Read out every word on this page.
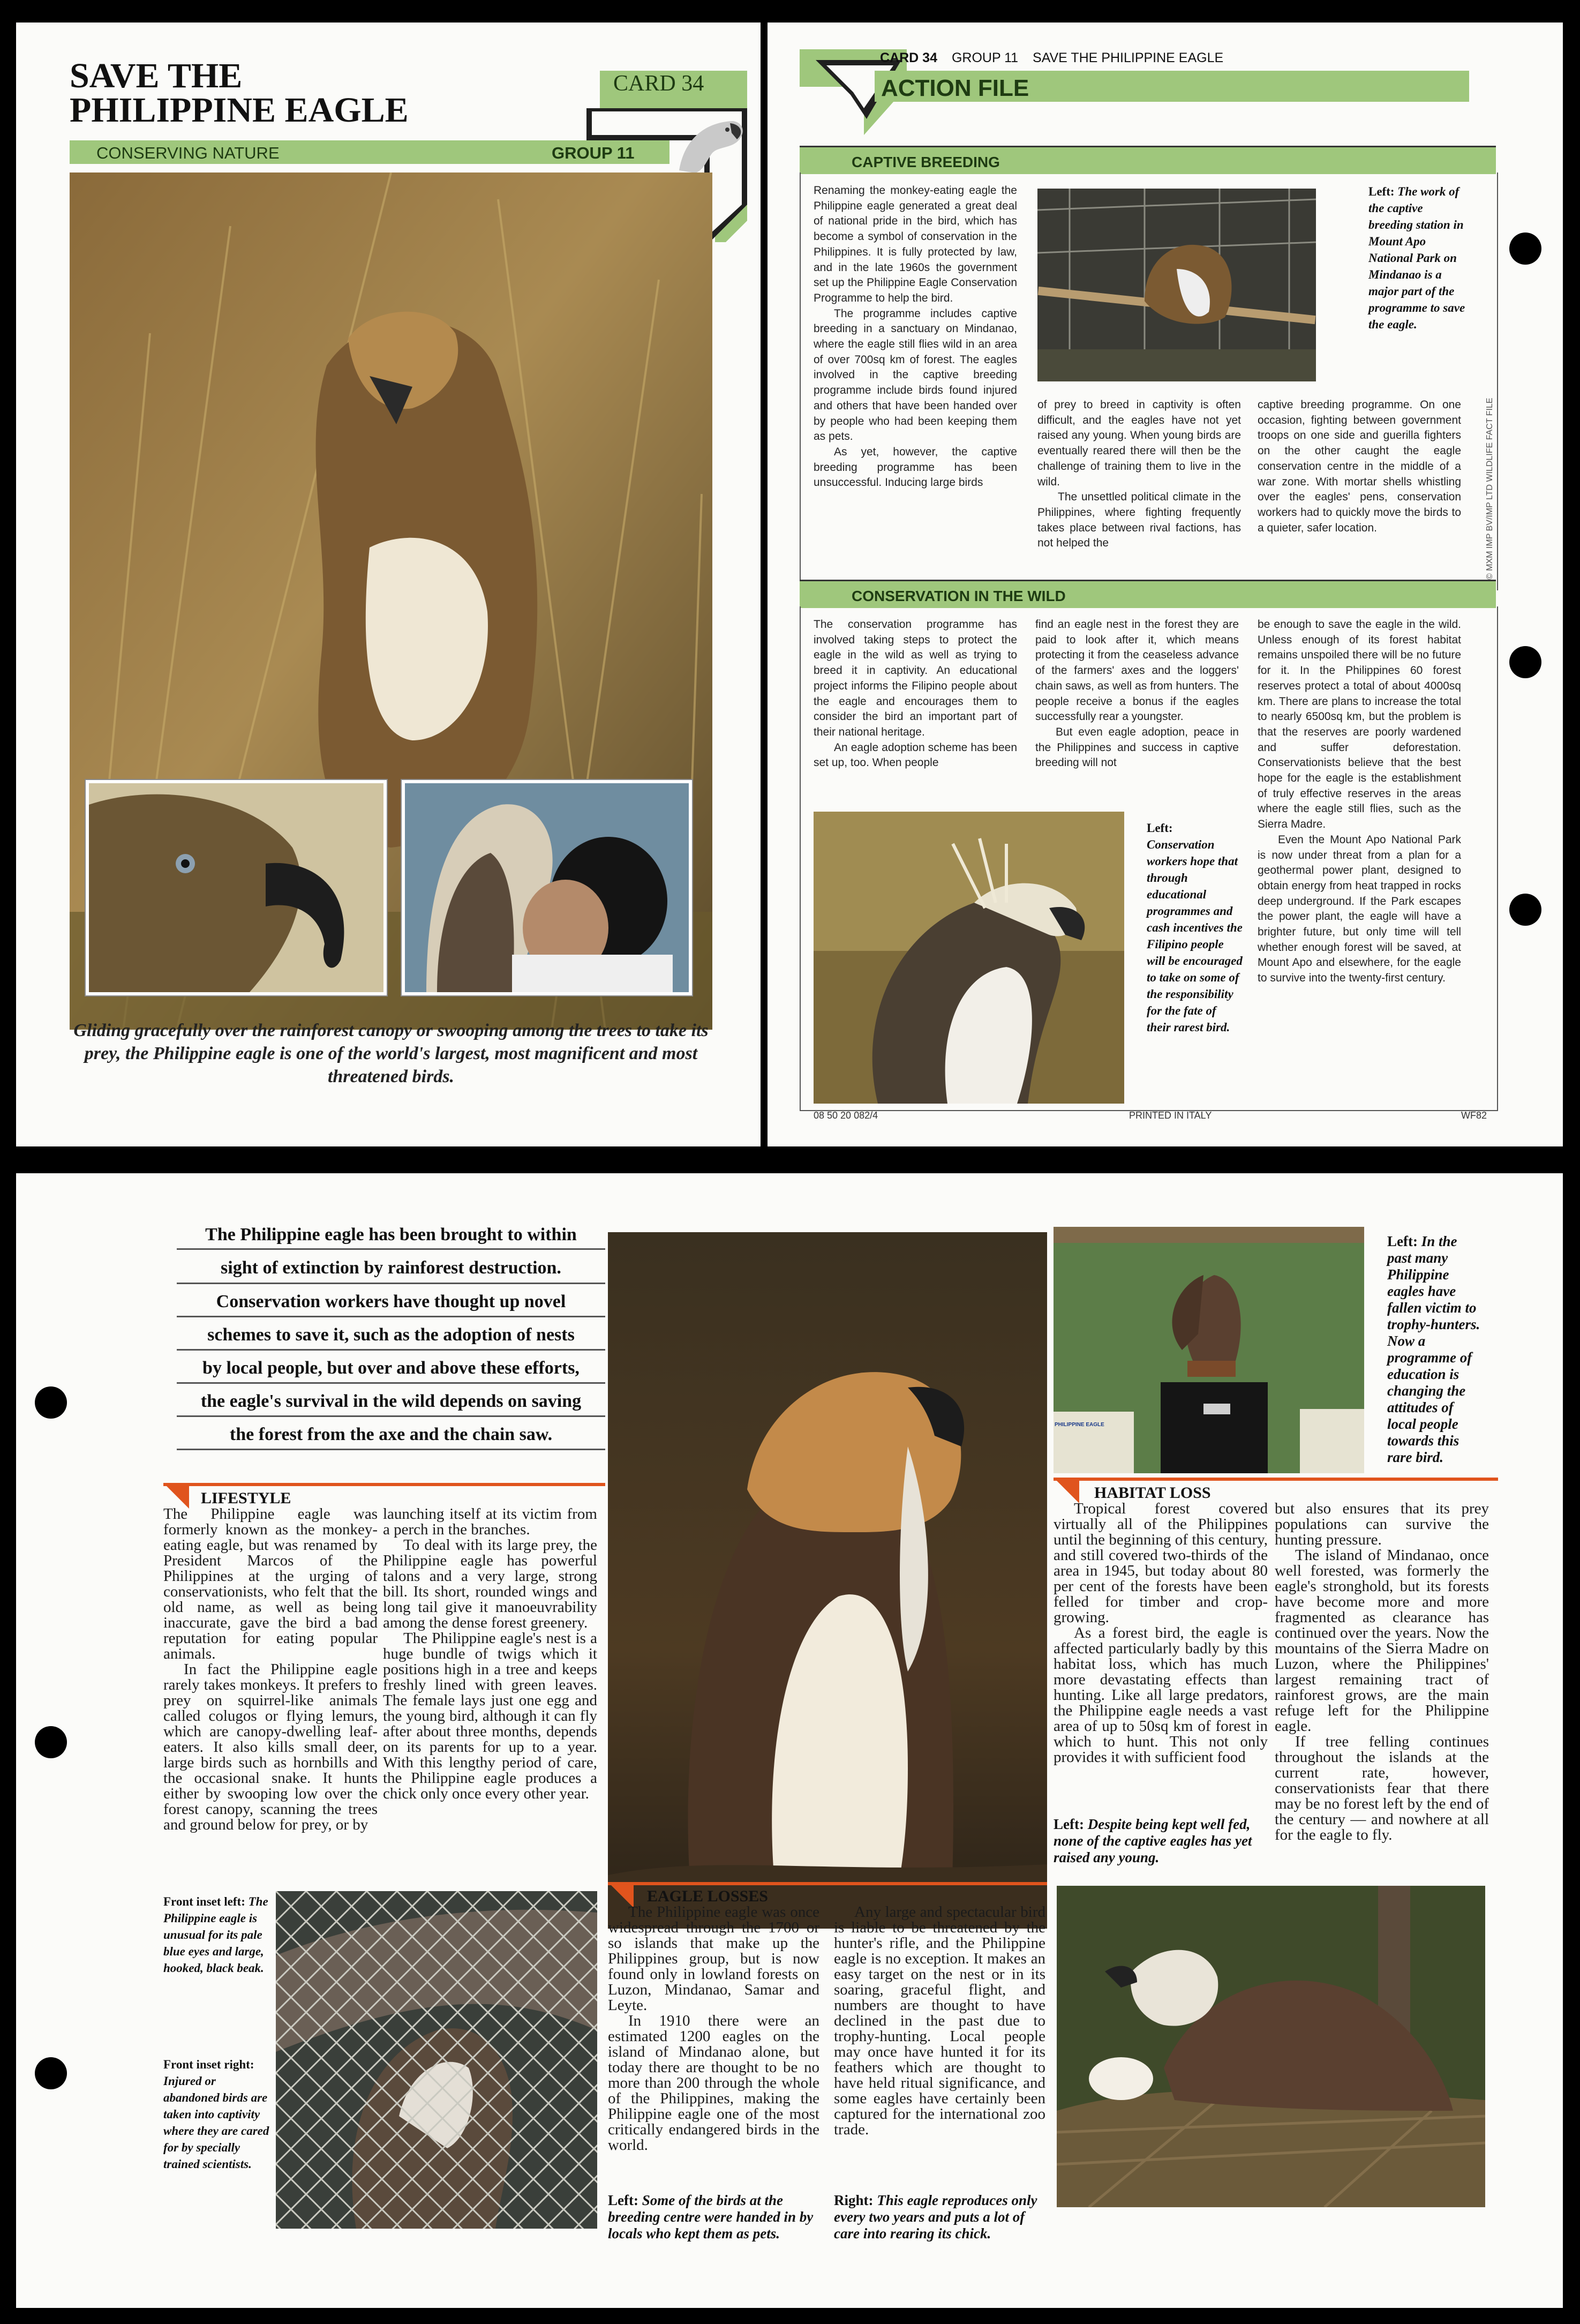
SAVE THE
PHILIPPINE EAGLE
CARD 34
CONSERVING NATURE	GROUP 11
Gliding gracefully over the rainforest canopy or swooping among the trees to take its prey, the Philippine eagle is one of the world's largest, most magnificent and most threatened birds.
CARD 34 GROUP 11 SAVE THE PHILIPPINE EAGLE
ACTION FILE
CAPTIVE BREEDING

Renaming the monkey-eating eagle the Philippine eagle generated a great deal of national pride in the bird, which has become a symbol of conservation in the Philippines. It is fully protected by law, and in the late 1960s the government set up the Philippine Eagle Conservation Programme to help the bird.

The programme includes captive breeding in a sanctuary on Mindanao, where the eagle still flies wild in an area of over 700sq km of forest. The eagles involved in the captive breeding programme include birds found injured and others that have been handed over by people who had been keeping them as pets.

As yet, however, the captive breeding programme has been unsuccessful. Inducing large birds

of prey to breed in captivity is often difficult, and the eagles have not yet raised any young. When young birds are eventually reared there will then be the challenge of training them to live in the wild.

The unsettled political climate in the Philippines, where fighting frequently takes place between rival factions, has not helped the

Left: The work of the captive breeding station in Mount Apo National Park on Mindanao is a major part of the programme to save the eagle.

captive breeding programme. On one occasion, fighting between government troops on one side and guerilla fighters on the other caught the eagle conservation centre in the middle of a war zone. With mortar shells whistling over the eagles' pens, conservation workers had to quickly move the birds to a quieter, safer location.	© MXM IMP BV/IMP LTD WILDLIFE FACT FILE
CONSERVATION IN THE WILD

The conservation programme has involved taking steps to protect the eagle in the wild as well as trying to breed it in captivity. An educational project informs the Filipino people about the eagle and encourages them to consider the bird an important part of their national heritage.

An eagle adoption scheme has been set up, too. When people

find an eagle nest in the forest they are paid to look after it, which means protecting it from the ceaseless advance of the farmers' axes and the loggers' chain saws, as well as from hunters. The people receive a bonus if the eagles successfully rear a youngster.

But even eagle adoption, peace in the Philippines and success in captive breeding will not

be enough to save the eagle in the wild. Unless enough of its forest habitat remains unspoiled there will be no future for it. In the Philippines 60 forest reserves protect a total of about 4000sq km. There are plans to increase the total to nearly 6500sq km, but the problem is that the reserves are poorly wardened and suffer deforestation. Conservationists believe that the best hope for the eagle is the establishment of truly effective reserves in the areas where the eagle still flies, such as the Sierra Madre.

Even the Mount Apo National Park is now under threat from a plan for a geothermal power plant, designed to obtain energy from heat trapped in rocks deep underground. If the Park escapes the power plant, the eagle will have a brighter future, but only time will tell whether enough forest will be saved, at Mount Apo and elsewhere, for the eagle to survive into the twenty-first century.

Left: Conservation workers hope that through educational programmes and cash incentives the Filipino people will be encouraged to take on some of the responsibility for the fate of their rarest bird.
08 50 20 082/4	PRINTED IN ITALY	WF82
The Philippine eagle has been brought to within
sight of extinction by rainforest destruction.
Conservation workers have thought up novel
schemes to save it, such as the adoption of nests
by local people, but over and above these efforts,
the eagle's survival in the wild depends on saving
the forest from the axe and the chain saw.
LIFESTYLE

The Philippine eagle was formerly known as the monkey-eating eagle, but was renamed by President Marcos of the Philippines at the urging of conservationists, who felt that the old name, as well as being inaccurate, gave the bird a bad reputation for eating popular animals.

In fact the Philippine eagle rarely takes monkeys. It prefers to prey on squirrel-like animals called colugos or flying lemurs, which are canopy-dwelling leaf-eaters. It also kills small deer, large birds such as hornbills and the occasional snake. It hunts either by swooping low over the forest canopy, scanning the trees and ground below for prey, or by

launching itself at its victim from a perch in the branches.

To deal with its large prey, the Philippine eagle has powerful talons and a very large, strong bill. Its short, rounded wings and long tail give it manoeuvrability among the dense forest greenery.

The Philippine eagle's nest is a huge bundle of twigs which it positions high in a tree and keeps freshly lined with green leaves. The female lays just one egg and the young bird, although it can fly after about three months, depends on its parents for up to a year. With this lengthy period of care, the Philippine eagle produces a chick only once every other year.

Front inset left: The Philippine eagle is unusual for its pale blue eyes and large, hooked, black beak.
Front inset right: Injured or abandoned birds are taken into captivity where they are cared for by specially trained scientists.
EAGLE LOSSES

The Philippine eagle was once widespread through the 1700 or so islands that make up the Philippines group, but is now found only in lowland forests on Luzon, Mindanao, Samar and Leyte.

In 1910 there were an estimated 1200 eagles on the island of Mindanao alone, but today there are thought to be no more than 200 through the whole of the Philippines, making the Philippine eagle one of the most critically endangered birds in the world.

Any large and spectacular bird is liable to be threatened by the hunter's rifle, and the Philippine eagle is no exception. It makes an easy target on the nest or in its soaring, graceful flight, and numbers are thought to have declined in the past due to trophy-hunting. Local people may once have hunted it for its feathers which are thought to have held ritual significance, and some eagles have certainly been captured for the international zoo trade.

Left: Some of the birds at the breeding centre were handed in by locals who kept them as pets.
Right: This eagle reproduces only every two years and puts a lot of care into rearing its chick.
PHILIPPINE EAGLE
Left: In the past many Philippine eagles have fallen victim to trophy-hunters. Now a programme of education is changing the attitudes of local people towards this rare bird.
HABITAT LOSS

Tropical forest covered virtually all of the Philippines until the beginning of this century, and still covered two-thirds of the area in 1945, but today about 80 per cent of the forests have been felled for timber and crop-growing.

As a forest bird, the eagle is affected particularly badly by this habitat loss, which has much more devastating effects than hunting. Like all large predators, the Philippine eagle needs a vast area of up to 50sq km of forest in which to hunt. This not only provides it with sufficient food

but also ensures that its prey populations can survive the hunting pressure.

The island of Mindanao, once well forested, was formerly the eagle's stronghold, but its forests have become more and more fragmented as clearance has continued over the years. Now the mountains of the Sierra Madre on Luzon, where the Philippines' largest remaining tract of rainforest grows, are the main refuge left for the Philippine eagle.

If tree felling continues throughout the islands at the current rate, however, conservationists fear that there may be no forest left by the end of the century — and nowhere at all for the eagle to fly.

Left: Despite being kept well fed, none of the captive eagles has yet raised any young.
